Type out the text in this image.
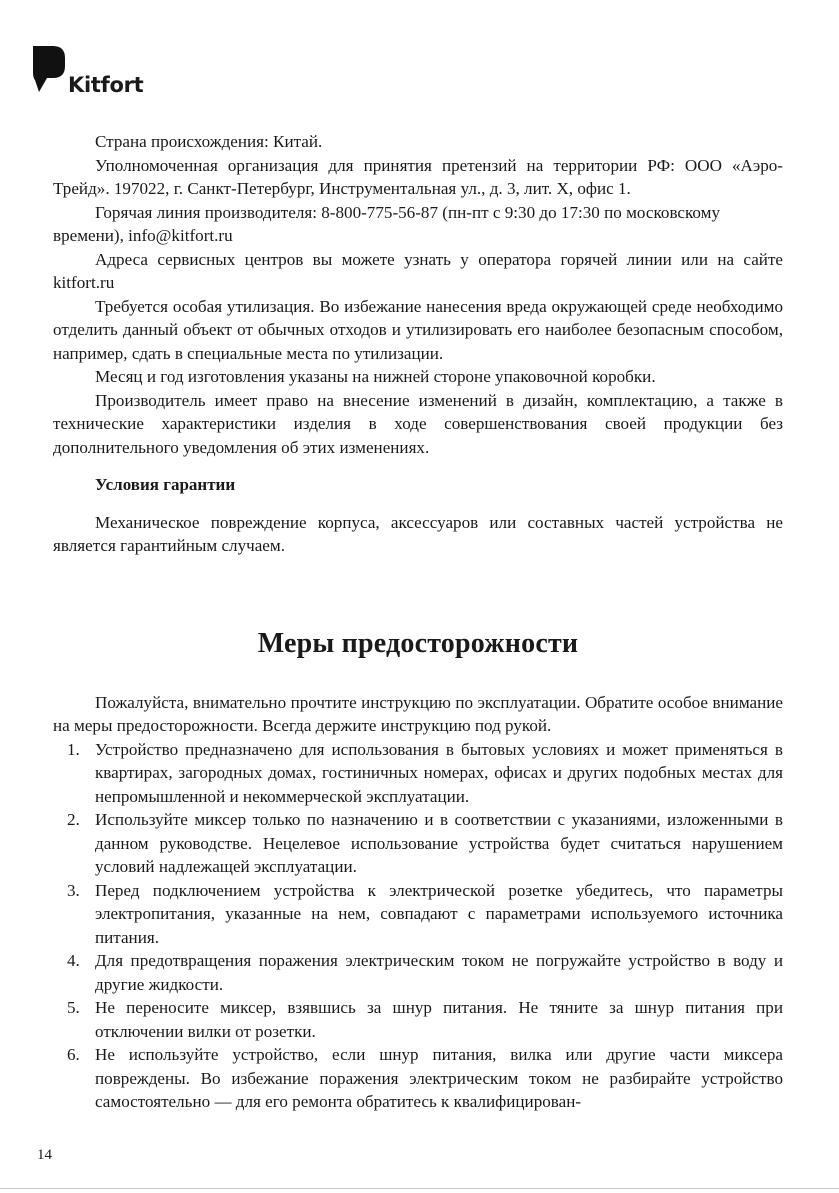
Kitfort

Страна происхождения: Китай.

Уполномоченная организация для принятия претензий на территории РФ: ООО «Аэро-Трейд». 197022, г. Санкт-Петербург, Инструментальная ул., д. 3, лит. Х, офис 1.

Горячая линия производителя: 8-800-775-56-87 (пн-пт с 9:30 до 17:30 по московскому времени), info@kitfort.ru

Адреса сервисных центров вы можете узнать у оператора горячей линии или на сайте kitfort.ru

Требуется особая утилизация. Во избежание нанесения вреда окружающей среде необходимо отделить данный объект от обычных отходов и утилизировать его наиболее безопасным способом, например, сдать в специальные места по утилизации.

Месяц и год изготовления указаны на нижней стороне упаковочной коробки.

Производитель имеет право на внесение изменений в дизайн, комплектацию, а также в технические характеристики изделия в ходе совершенствования своей продукции без дополнительного уведомления об этих изменениях.

Условия гарантии

Механическое повреждение корпуса, аксессуаров или составных частей устройства не является гарантийным случаем.

Меры предосторожности

Пожалуйста, внимательно прочтите инструкцию по эксплуатации. Обратите особое внимание на меры предосторожности. Всегда держите инструкцию под рукой.

1. Устройство предназначено для использования в бытовых условиях и может применяться в квартирах, загородных домах, гостиничных номерах, офисах и других подобных местах для непромышленной и некоммерческой эксплуатации.
2. Используйте миксер только по назначению и в соответствии с указаниями, изложенными в данном руководстве. Нецелевое использование устройства будет считаться нарушением условий надлежащей эксплуатации.
3. Перед подключением устройства к электрической розетке убедитесь, что параметры электропитания, указанные на нем, совпадают с параметрами используемого источника питания.
4. Для предотвращения поражения электрическим током не погружайте устройство в воду и другие жидкости.
5. Не переносите миксер, взявшись за шнур питания. Не тяните за шнур питания при отключении вилки от розетки.
6. Не используйте устройство, если шнур питания, вилка или другие части миксера повреждены. Во избежание поражения электрическим током не разбирайте устройство самостоятельно — для его ремонта обратитесь к квалифицирован-
14
